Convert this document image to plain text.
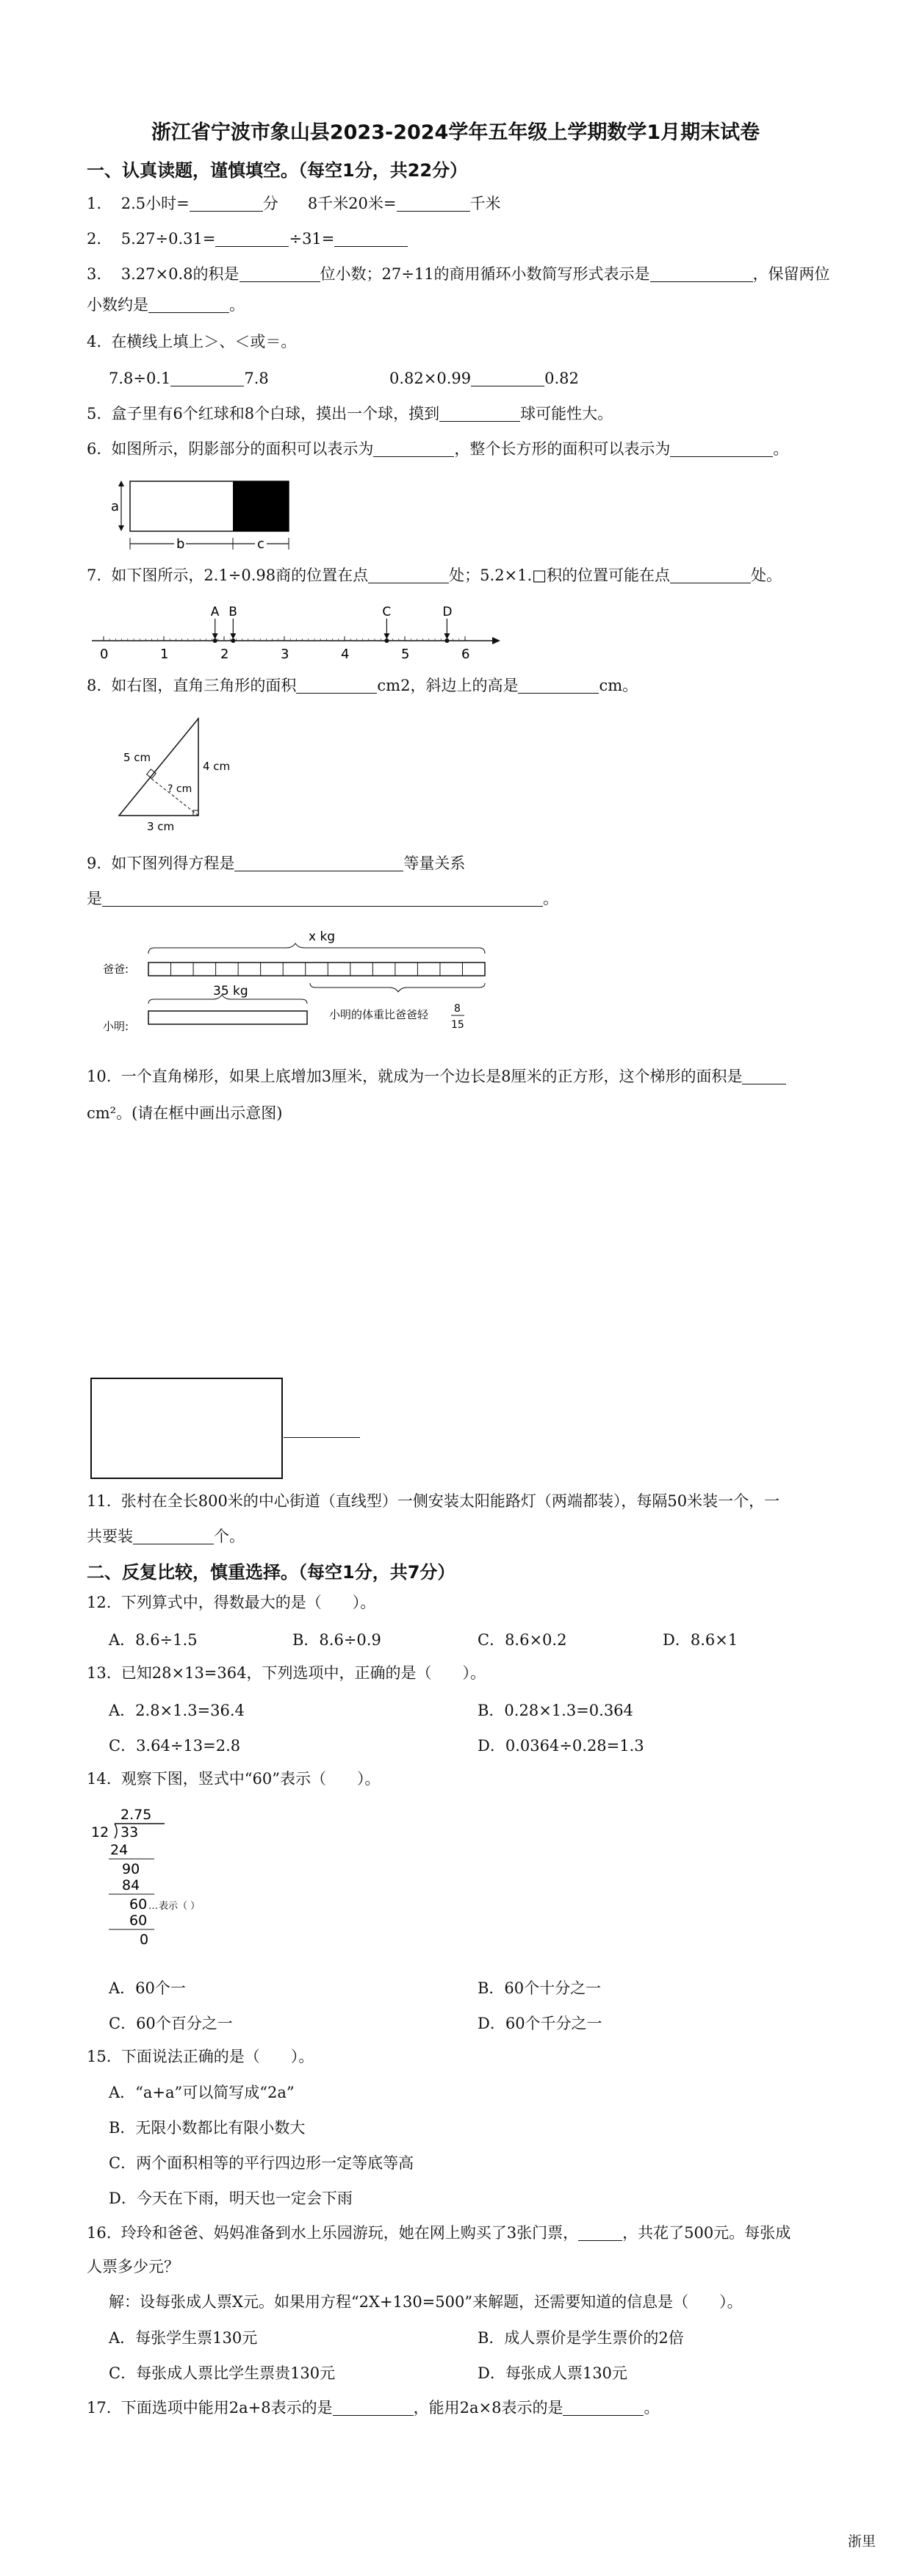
浙江省宁波市象山县2023-2024学年五年级上学期数学1月期末试卷
一、认真读题，谨慎填空。（每空1分，共22分）
1. 2.5小时=	分 8千米20米=	千米
2. 5.27÷0.31=	÷31=
3. 3.27×0.8的积是	位小数；27÷11的商用循环小数简写形式表示是	，保留两位
小数约是	。
4. 在横线上填上＞、＜或＝。
7.8÷0.1	7.8	0.82×0.99	0.82
5. 盒子里有6个红球和8个白球，摸出一个球，摸到	球可能性大。
6. 如图所示，阴影部分的面积可以表示为	，整个长方形的面积可以表示为	。
a
b	c
7. 如下图所示，2.1÷0.98商的位置在点	处；5.2×1.□积的位置可能在点	处。
0	1	2	3	4	5	6
A B	C	D
8. 如右图，直角三角形的面积	cm2，斜边上的高是	cm。
5 cm
? cm
4 cm
3 cm
9. 如下图列得方程是	等量关系
是	。
爸爸:
x kg
35 kg
小明:
小明的体重比爸爸轻 8
15
10. 一个直角梯形，如果上底增加3厘米，就成为一个边长是8厘米的正方形，这个梯形的面积是
cm²。(请在框中画出示意图)
11. 张村在全长800米的中心街道（直线型）一侧安装太阳能路灯（两端都装），每隔50米装一个，一
共要装	个。
二、反复比较，慎重选择。（每空1分，共7分）
12. 下列算式中，得数最大的是（　　）。
A．8.6÷1.5	B．8.6÷0.9	C．8.6×0.2	D．8.6×1
13. 已知28×13=364，下列选项中，正确的是（　　）。
A．2.8×1.3=36.4	B．0.28×1.3=0.364
C．3.64÷13=2.8	D．0.0364÷0.28=1.3
14. 观察下图，竖式中“60”表示（　　）。
2.75
12 33
24
90
84
60 … 表示（ ）
60
0
A．60个一	B．60个十分之一
C．60个百分之一	D．60个千分之一
15. 下面说法正确的是（　　）。
A．“a+a”可以简写成“2a”
B．无限小数都比有限小数大
C．两个面积相等的平行四边形一定等底等高
D．今天在下雨，明天也一定会下雨
16. 玲玲和爸爸、妈妈准备到水上乐园游玩，她在网上购买了3张门票，	，共花了500元。每张成
人票多少元？
解：设每张成人票X元。如果用方程“2X+130=500”来解题，还需要知道的信息是（　　）。
A．每张学生票130元	B．成人票价是学生票价的2倍
C．每张成人票比学生票贵130元	D．每张成人票130元
17. 下面选项中能用2a+8表示的是	，能用2a×8表示的是	。
浙里
